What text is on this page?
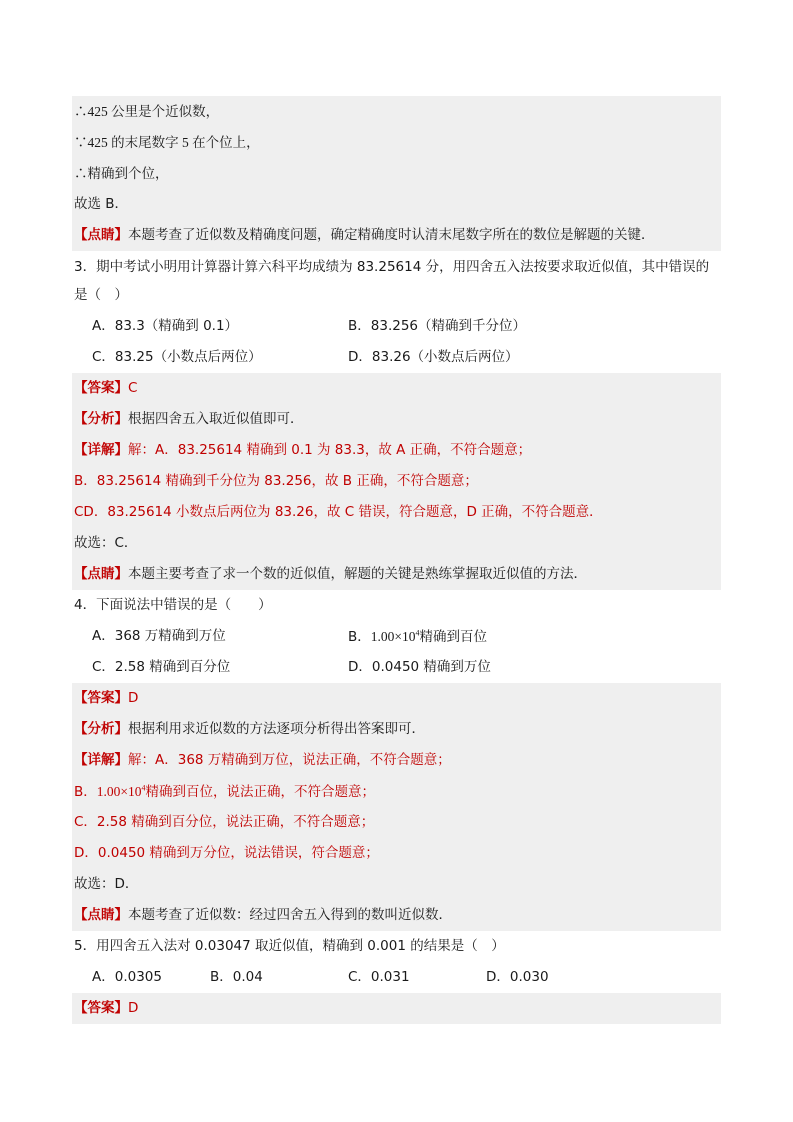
∴425 公里是个近似数，
∵425 的末尾数字 5 在个位上，
∴精确到个位，
故选 B．
【点睛】本题考查了近似数及精确度问题，确定精确度时认清末尾数字所在的数位是解题的关键．
3．期中考试小明用计算器计算六科平均成绩为 83.25614 分，用四舍五入法按要求取近似值，其中错误的是（　）
A．83.3（精确到 0.1）	B．83.256（精确到千分位）
C．83.25（小数点后两位）	D．83.26（小数点后两位）
【答案】C
【分析】根据四舍五入取近似值即可．
【详解】解：A．83.25614 精确到 0.1 为 83.3，故 A 正确，不符合题意；
B．83.25614 精确到千分位为 83.256，故 B 正确，不符合题意；
CD．83.25614 小数点后两位为 83.26，故 C 错误，符合题意，D 正确，不符合题意．
故选：C．
【点睛】本题主要考查了求一个数的近似值，解题的关键是熟练掌握取近似值的方法．
4．下面说法中错误的是（　　）
A．368 万精确到万位	B．$1.00\times 10^4$精确到百位
C．2.58 精确到百分位	D．0.0450 精确到万位
【答案】D
【分析】根据利用求近似数的方法逐项分析得出答案即可．
【详解】解：A．368 万精确到万位，说法正确，不符合题意；
B．$1.00\times 10^4$精确到百位，说法正确，不符合题意；
C．2.58 精确到百分位，说法正确，不符合题意；
D．0.0450 精确到万分位，说法错误，符合题意；
故选：D．
【点睛】本题考查了近似数：经过四舍五入得到的数叫近似数．
5．用四舍五入法对 0.03047 取近似值，精确到 0.001 的结果是（　）
A．0.0305	B．0.04	C．0.031	D．0.030
【答案】D
